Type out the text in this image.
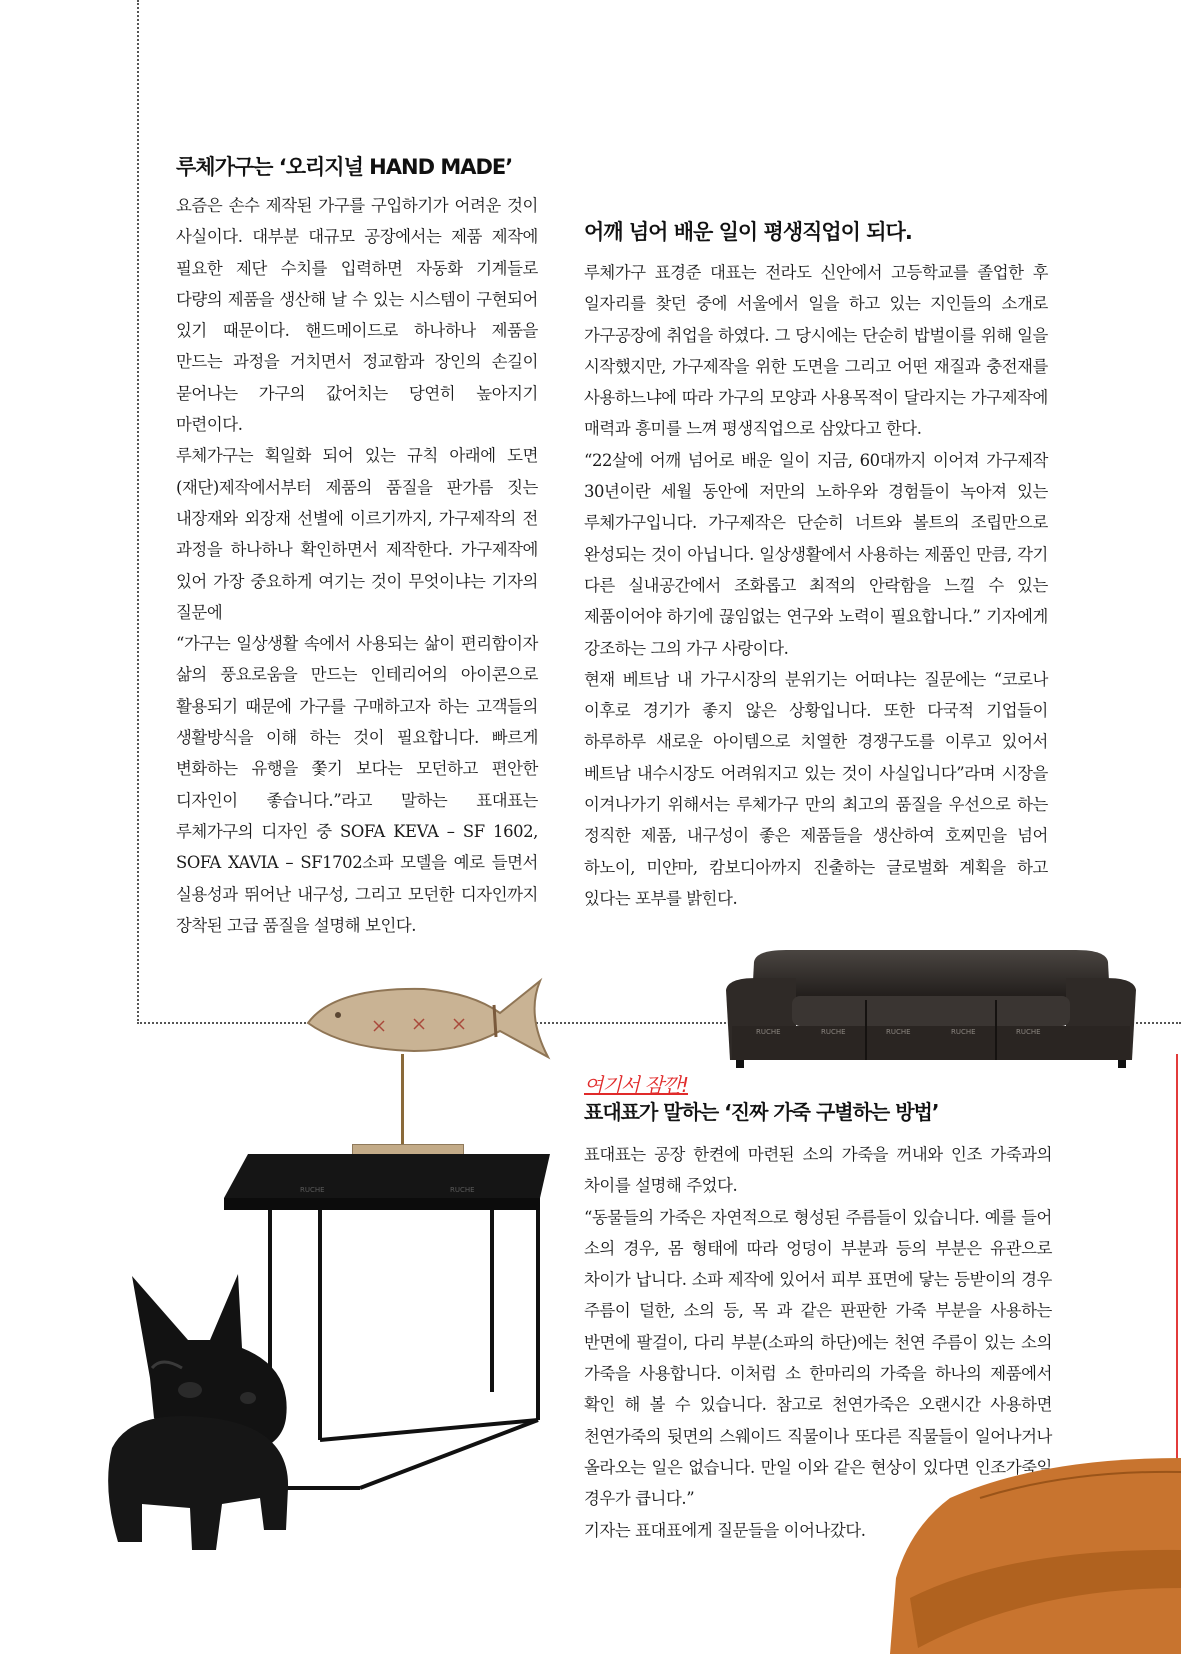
루체가구는 ‘오리지널 HAND MADE’

요즘은 손수 제작된 가구를 구입하기가 어려운 것이 사실이다. 대부분 대규모 공장에서는 제품 제작에 필요한 제단 수치를 입력하면 자동화 기계들로 다량의 제품을 생산해 날 수 있는 시스템이 구현되어 있기 때문이다. 핸드메이드로 하나하나 제품을 만드는 과정을 거치면서 정교함과 장인의 손길이 묻어나는 가구의 값어치는 당연히 높아지기 마련이다.

루체가구는 획일화 되어 있는 규칙 아래에 도면(재단)제작에서부터 제품의 품질을 판가름 짓는 내장재와 외장재 선별에 이르기까지, 가구제작의 전 과정을 하나하나 확인하면서 제작한다. 가구제작에 있어 가장 중요하게 여기는 것이 무엇이냐는 기자의 질문에

“가구는 일상생활 속에서 사용되는 삶이 편리함이자 삶의 풍요로움을 만드는 인테리어의 아이콘으로 활용되기 때문에 가구를 구매하고자 하는 고객들의 생활방식을 이해 하는 것이 필요합니다. 빠르게 변화하는 유행을 쫓기 보다는 모던하고 편안한 디자인이 좋습니다.”라고 말하는 표대표는 루체가구의 디자인 중 SOFA KEVA – SF 1602, SOFA XAVIA – SF1702소파 모델을 예로 들면서 실용성과 뛰어난 내구성, 그리고 모던한 디자인까지 장착된 고급 품질을 설명해 보인다.

어깨 넘어 배운 일이 평생직업이 되다.

루체가구 표경준 대표는 전라도 신안에서 고등학교를 졸업한 후 일자리를 찾던 중에 서울에서 일을 하고 있는 지인들의 소개로 가구공장에 취업을 하였다. 그 당시에는 단순히 밥벌이를 위해 일을 시작했지만, 가구제작을 위한 도면을 그리고 어떤 재질과 충전재를 사용하느냐에 따라 가구의 모양과 사용목적이 달라지는 가구제작에 매력과 흥미를 느껴 평생직업으로 삼았다고 한다.

“22살에 어깨 넘어로 배운 일이 지금, 60대까지 이어져 가구제작 30년이란 세월 동안에 저만의 노하우와 경험들이 녹아져 있는 루체가구입니다. 가구제작은 단순히 너트와 볼트의 조립만으로 완성되는 것이 아닙니다. 일상생활에서 사용하는 제품인 만큼, 각기 다른 실내공간에서 조화롭고 최적의 안락함을 느낄 수 있는 제품이어야 하기에 끊임없는 연구와 노력이 필요합니다.” 기자에게 강조하는 그의 가구 사랑이다.

현재 베트남 내 가구시장의 분위기는 어떠냐는 질문에는 “코로나 이후로 경기가 좋지 않은 상황입니다. 또한 다국적 기업들이 하루하루 새로운 아이템으로 치열한 경쟁구도를 이루고 있어서 베트남 내수시장도 어려워지고 있는 것이 사실입니다”라며 시장을 이겨나가기 위해서는 루체가구 만의 최고의 품질을 우선으로 하는 정직한 제품, 내구성이 좋은 제품들을 생산하여 호찌민을 넘어 하노이, 미얀마, 캄보디아까지 진출하는 글로벌화 계획을 하고 있다는 포부를 밝힌다.

여기서 잠깐!
표대표가 말하는 ‘진짜 가죽 구별하는 방법’

표대표는 공장 한켠에 마련된 소의 가죽을 꺼내와 인조 가죽과의 차이를 설명해 주었다.

“동물들의 가죽은 자연적으로 형성된 주름들이 있습니다. 예를 들어 소의 경우, 몸 형태에 따라 엉덩이 부분과 등의 부분은 유관으로 차이가 납니다. 소파 제작에 있어서 피부 표면에 닿는 등받이의 경우 주름이 덜한, 소의 등, 목 과 같은 판판한 가죽 부분을 사용하는 반면에 팔걸이, 다리 부분(소파의 하단)에는 천연 주름이 있는 소의 가죽을 사용합니다. 이처럼 소 한마리의 가죽을 하나의 제품에서 확인 해 볼 수 있습니다. 참고로 천연가죽은 오랜시간 사용하면 천연가죽의 뒷면의 스웨이드 직물이나 또다른 직물들이 일어나거나 올라오는 일은 없습니다. 만일 이와 같은 현상이 있다면 인조가죽일 경우가 큽니다.”

기자는 표대표에게 질문들을 이어나갔다.

RUCHE	RUCHE	RUCHE	RUCHE	RUCHE
RUCHE	RUCHE
